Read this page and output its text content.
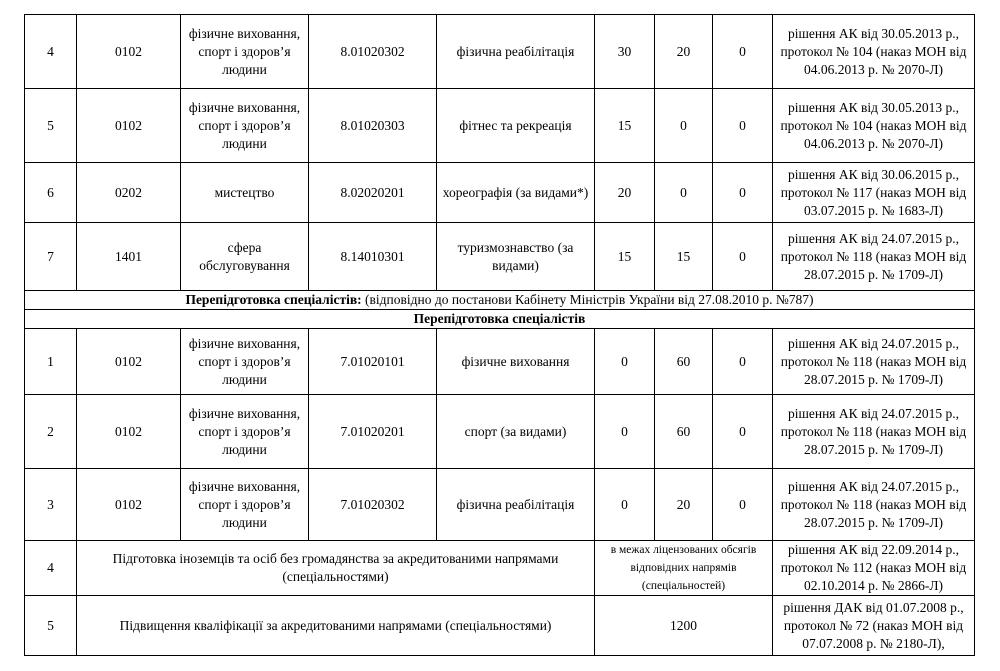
4	0102	фізичне виховання, спорт і здоров’я людини	8.01020302	фізична реабілітація	30	20	0	рішення АК від 30.05.2013 р., протокол № 104 (наказ МОН від 04.06.2013 р. № 2070-Л)
5	0102	фізичне виховання, спорт і здоров’я людини	8.01020303	фітнес та рекреація	15	0	0	рішення АК від 30.05.2013 р., протокол № 104 (наказ МОН від 04.06.2013 р. № 2070-Л)
6	0202	мистецтво	8.02020201	хореографія (за видами*)	20	0	0	рішення АК від 30.06.2015 р., протокол № 117 (наказ МОН від 03.07.2015 р. № 1683-Л)
7	1401	сфера обслуговування	8.14010301	туризмознавство (за видами)	15	15	0	рішення АК від 24.07.2015 р., протокол № 118 (наказ МОН від 28.07.2015 р. № 1709-Л)
Перепідготовка спеціалістів: (відповідно до постанови Кабінету Міністрів України від 27.08.2010 р. №787)								
Перепідготовка спеціалістів								
1	0102	фізичне виховання, спорт і здоров’я людини	7.01020101	фізичне виховання	0	60	0	рішення АК від 24.07.2015 р., протокол № 118 (наказ МОН від 28.07.2015 р. № 1709-Л)
2	0102	фізичне виховання, спорт і здоров’я людини	7.01020201	спорт (за видами)	0	60	0	рішення АК від 24.07.2015 р., протокол № 118 (наказ МОН від 28.07.2015 р. № 1709-Л)
3	0102	фізичне виховання, спорт і здоров’я людини	7.01020302	фізична реабілітація	0	20	0	рішення АК від 24.07.2015 р., протокол № 118 (наказ МОН від 28.07.2015 р. № 1709-Л)
4	Підготовка іноземців та осіб без громадянства за акредитованими напрямами (спеціальностями)				в межах ліцензованих обсягів відповідних напрямів (спеціальностей)			рішення АК від 22.09.2014 р., протокол № 112 (наказ МОН від 02.10.2014 р. № 2866-Л)
5	Підвищення кваліфікації за акредитованими напрямами (спеціальностями)				1200			рішення ДАК від 01.07.2008 р., протокол № 72 (наказ МОН від 07.07.2008 р. № 2180-Л),
